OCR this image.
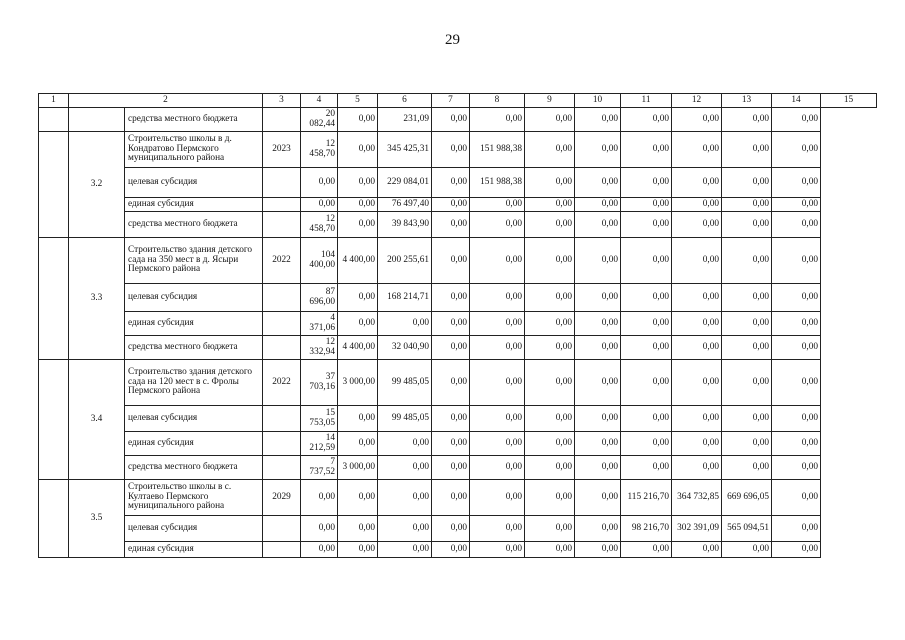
29
1	2		3	4	5	6	7	8	9	10	11	12	13	14	15
		средства местного бюджета		20 082,44	0,00	231,09	0,00	0,00	0,00	0,00	0,00	0,00	0,00	0,00	
	3.2	Строительство школы в д. Кондратово Пермского муниципального района	2023	12 458,70	0,00	345 425,31	0,00	151 988,38	0,00	0,00	0,00	0,00	0,00	0,00	
		целевая субсидия		0,00	0,00	229 084,01	0,00	151 988,38	0,00	0,00	0,00	0,00	0,00	0,00	
		единая субсидия		0,00	0,00	76 497,40	0,00	0,00	0,00	0,00	0,00	0,00	0,00	0,00	
		средства местного бюджета		12 458,70	0,00	39 843,90	0,00	0,00	0,00	0,00	0,00	0,00	0,00	0,00	
	3.3	Строительство здания детского сада на 350 мест в д. Ясыри Пермского района	2022	104 400,00	4 400,00	200 255,61	0,00	0,00	0,00	0,00	0,00	0,00	0,00	0,00	
		целевая субсидия		87 696,00	0,00	168 214,71	0,00	0,00	0,00	0,00	0,00	0,00	0,00	0,00	
		единая субсидия		4 371,06	0,00	0,00	0,00	0,00	0,00	0,00	0,00	0,00	0,00	0,00	
		средства местного бюджета		12 332,94	4 400,00	32 040,90	0,00	0,00	0,00	0,00	0,00	0,00	0,00	0,00	
	3.4	Строительство здания детского сада на 120 мест в с. Фролы Пермского района	2022	37 703,16	3 000,00	99 485,05	0,00	0,00	0,00	0,00	0,00	0,00	0,00	0,00	
		целевая субсидия		15 753,05	0,00	99 485,05	0,00	0,00	0,00	0,00	0,00	0,00	0,00	0,00	
		единая субсидия		14 212,59	0,00	0,00	0,00	0,00	0,00	0,00	0,00	0,00	0,00	0,00	
		средства местного бюджета		7 737,52	3 000,00	0,00	0,00	0,00	0,00	0,00	0,00	0,00	0,00	0,00	
	3.5	Строительство школы в с. Култаево Пермского муниципального района	2029	0,00	0,00	0,00	0,00	0,00	0,00	0,00	115 216,70	364 732,85	669 696,05	0,00	
		целевая субсидия		0,00	0,00	0,00	0,00	0,00	0,00	0,00	98 216,70	302 391,09	565 094,51	0,00	
		единая субсидия		0,00	0,00	0,00	0,00	0,00	0,00	0,00	0,00	0,00	0,00	0,00	
